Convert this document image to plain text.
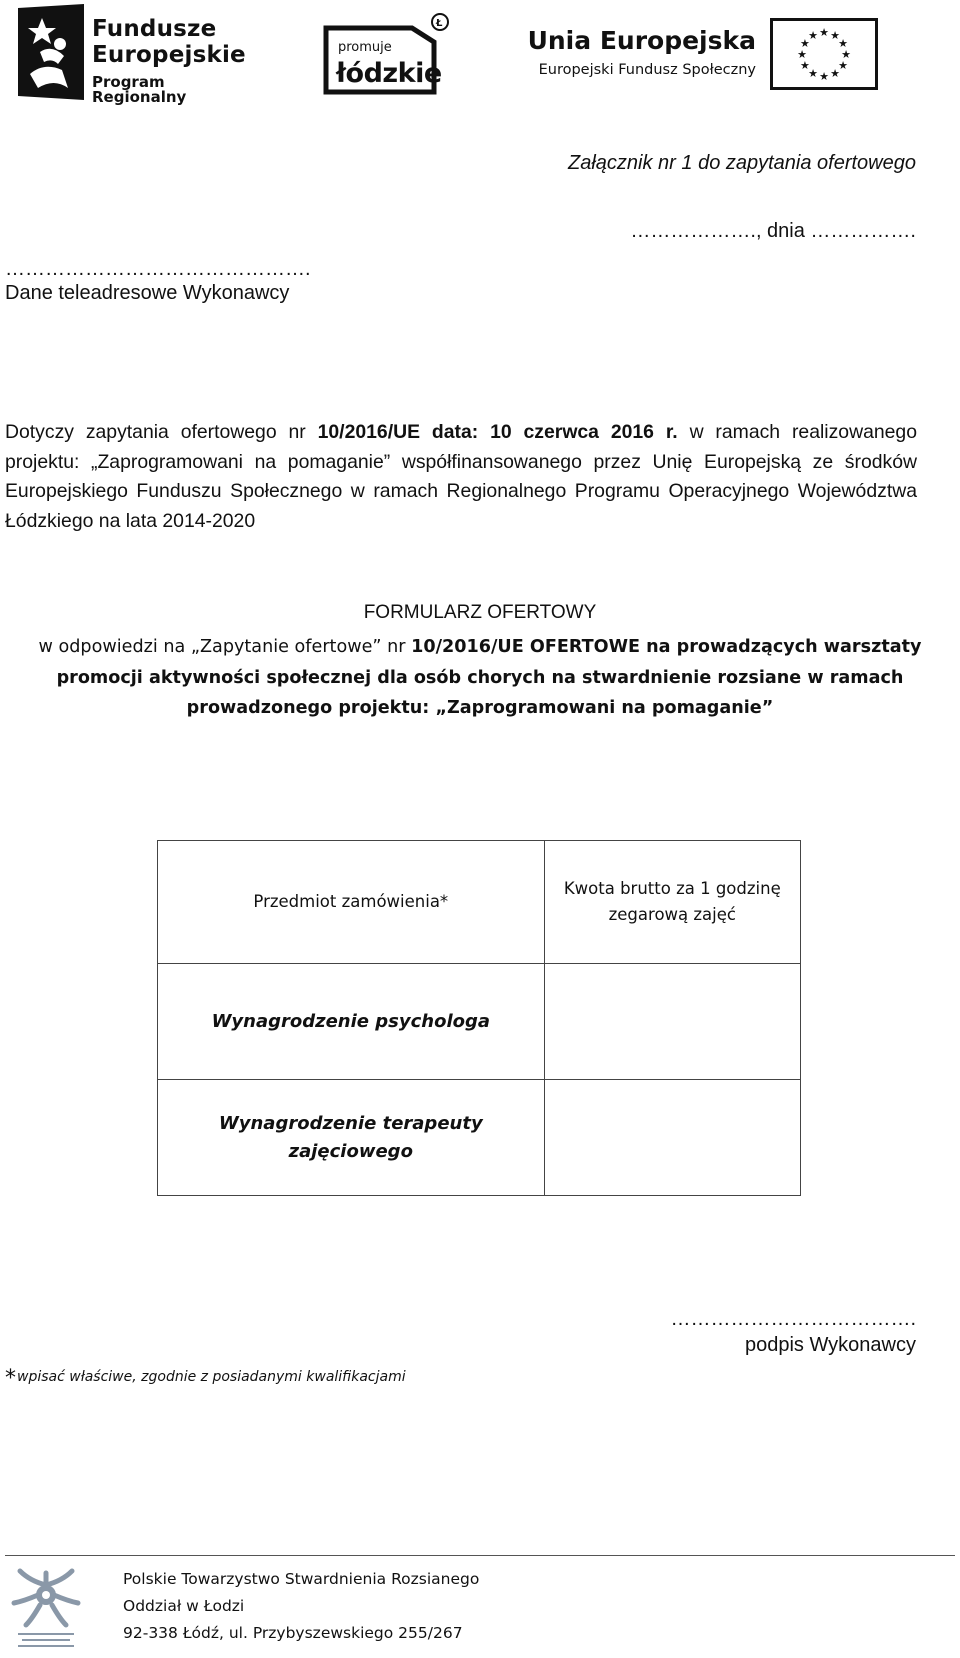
Fundusze
Europejskie
Program Regionalny
Ł
promuje
łódzkie
Unia Europejska
Europejski Fundusz Społeczny
★ ★
★
★
★
★
★
★
★
★
★
★
Załącznik nr 1 do zapytania ofertowego
………………., dnia …………….
……………………………………….
Dane teleadresowe Wykonawcy

Dotyczy zapytania ofertowego nr 10/2016/UE data: 10 czerwca 2016 r. w ramach realizowanego projektu: „Zaprogramowani na pomaganie” współfinansowanego przez Unię Europejską ze środków Europejskiego Funduszu Społecznego w ramach Regionalnego Programu Operacyjnego Województwa Łódzkiego na lata 2014-2020

FORMULARZ OFERTOWY

w odpowiedzi na „Zapytanie ofertowe” nr 10/2016/UE OFERTOWE na prowadzących warsztaty promocji aktywności społecznej dla osób chorych na stwardnienie rozsiane w ramach prowadzonego projektu: „Zaprogramowani na pomaganie”

Przedmiot zamówienia*	Kwota brutto za 1 godzinę zegarową zajęć
Wynagrodzenie psychologa	
Wynagrodzenie terapeuty zajęciowego	
……………………………….
podpis Wykonawcy
*wpisać właściwe, zgodnie z posiadanymi kwalifikacjami
Polskie Towarzystwo Stwardnienia Rozsianego
Oddział w Łodzi
92-338 Łódź, ul. Przybyszewskiego 255/267
